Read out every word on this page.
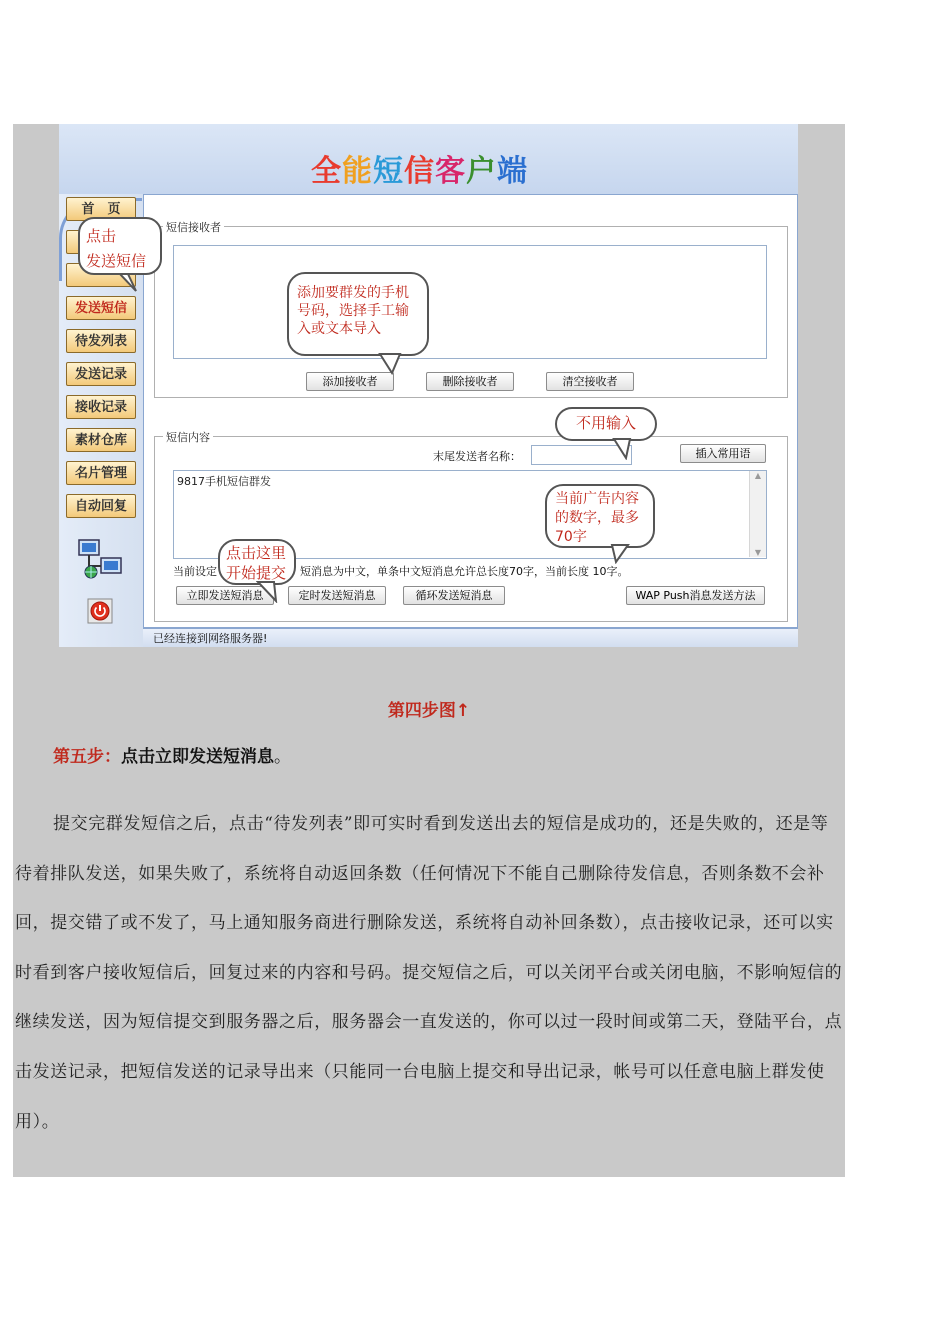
全能短信客户端
首　页
发送短信
待发列表
发送记录
接收记录
素材仓库
名片管理
自动回复
短信接收者
添加接收者	删除接收者	清空接收者
短信内容
末尾发送者名称：	插入常用语
9817手机短信群发	▲
▼
当前设定	短消息为中文，单条中文短消息允许总长度70字，当前长度 10字。
立即发送短消息	定时发送短消息	循环发送短消息	WAP Push消息发送方法
已经连接到网络服务器!
点击
发送短信
添加要群发的手机号码，选择手工输入或文本导入
不用输入
当前广告内容的数字，最多70字
点击这里
开始提交
第四步图↑
第五步：点击立即发送短消息。
提交完群发短信之后，点击“待发列表”即可实时看到发送出去的短信是成功的，还是失败的，还是等待着排队发送，如果失败了，系统将自动返回条数（任何情况下不能自己删除待发信息，否则条数不会补回，提交错了或不发了，马上通知服务商进行删除发送，系统将自动补回条数），点击接收记录，还可以实时看到客户接收短信后，回复过来的内容和号码。提交短信之后，可以关闭平台或关闭电脑，不影响短信的继续发送，因为短信提交到服务器之后，服务器会一直发送的，你可以过一段时间或第二天，登陆平台，点击发送记录，把短信发送的记录导出来（只能同一台电脑上提交和导出记录，帐号可以任意电脑上群发使用）。
